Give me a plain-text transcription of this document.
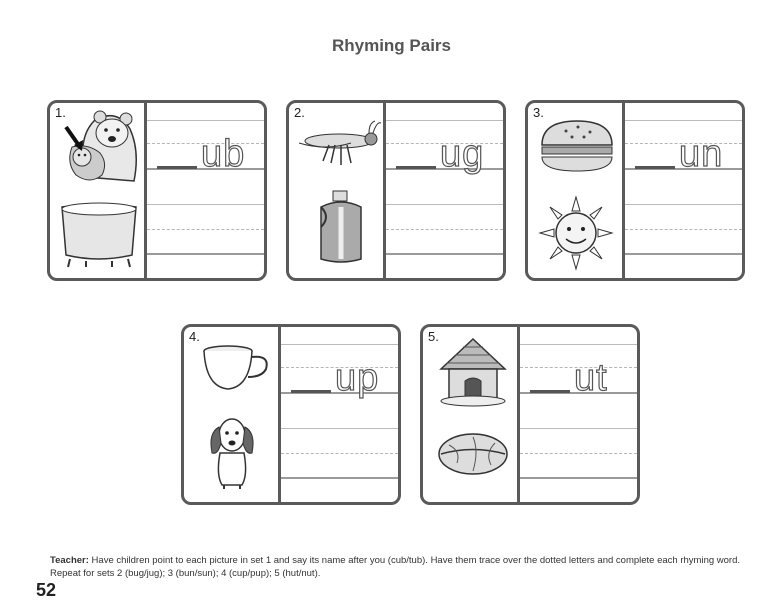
Rhyming Pairs
1.
ub
2.
ug
3.
un
4.
up
5.
ut
Teacher: Have children point to each picture in set 1 and say its name after you (cub/tub). Have them trace over the dotted letters and complete each rhyming word. Repeat for sets 2 (bug/jug); 3 (bun/sun); 4 (cup/pup); 5 (hut/nut).
52
